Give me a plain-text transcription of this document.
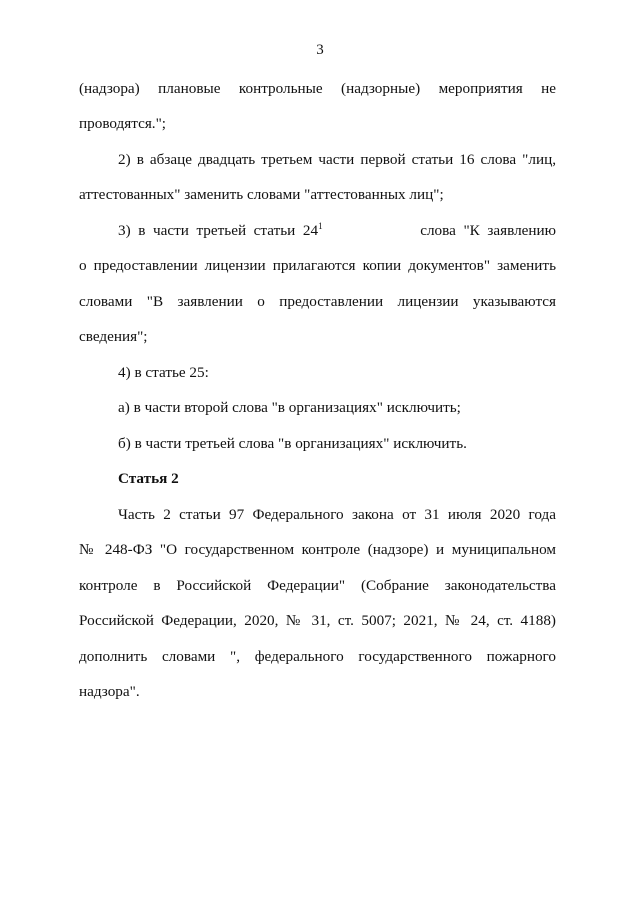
3
(надзора) плановые контрольные (надзорные) мероприятия не
проводятся.";
2) в абзаце двадцать третьем части первой статьи 16 слова "лиц,
аттестованных" заменить словами "аттестованных лиц";
3)  в  части  третьей  статьи  $24^1$	слова  "К  заявлению
о предоставлении лицензии прилагаются копии документов" заменить
словами "В заявлении о предоставлении лицензии указываются
сведения";
4) в статье 25:
а) в части второй слова "в организациях" исключить;
б) в части третьей слова "в организациях" исключить.
Статья 2
Часть 2 статьи 97 Федерального закона от 31 июля 2020 года
№ 248-ФЗ "О государственном контроле (надзоре) и муниципальном
контроле в Российской Федерации" (Собрание законодательства
Российской Федерации, 2020, № 31, ст. 5007; 2021, № 24, ст. 4188)
дополнить словами ", федерального государственного пожарного
надзора".
